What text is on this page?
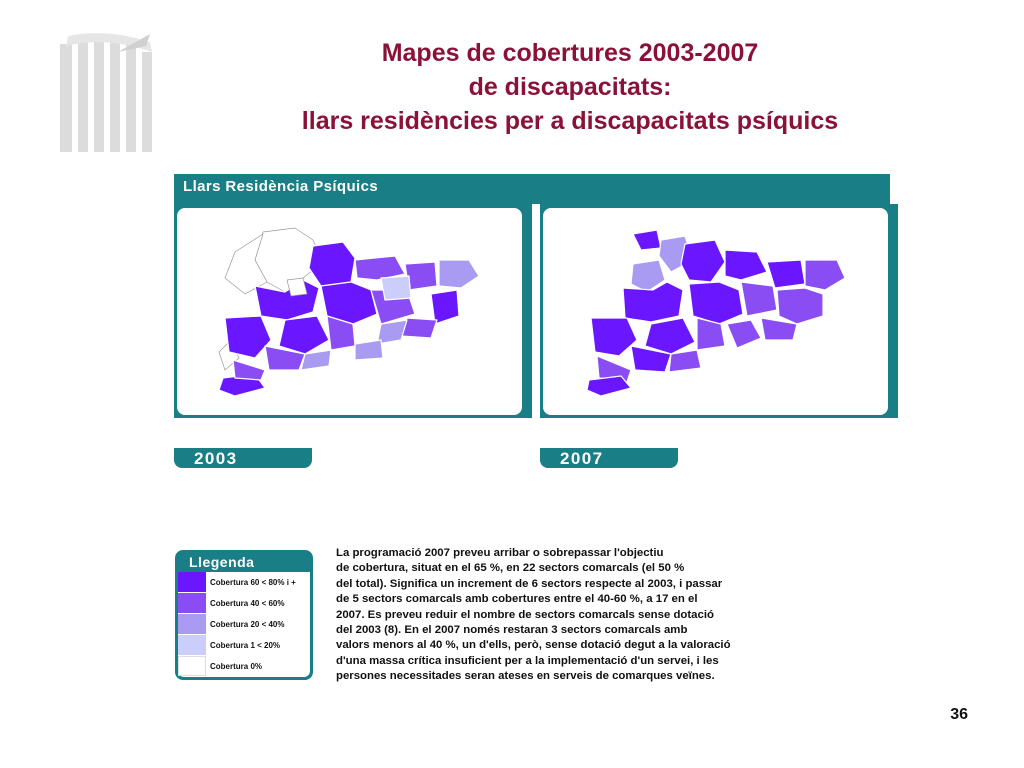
Mapes de cobertures 2003-2007
de discapacitats:
llars residències per a discapacitats psíquics
Llars Residència Psíquics
2003	2007
Llegenda
Cobertura 60 < 80% i +
Cobertura 40 < 60%
Cobertura 20 < 40%
Cobertura 1 < 20%
Cobertura 0%
La programació 2007 preveu arribar o sobrepassar l'objectiu
de cobertura, situat en el 65 %, en 22 sectors comarcals (el 50 %
del total). Significa un increment de 6 sectors respecte al 2003, i passar
de 5 sectors comarcals amb cobertures entre el 40-60 %, a 17 en el
2007. Es preveu reduir el nombre de sectors comarcals sense dotació
del 2003 (8). En el 2007 només restaran 3 sectors comarcals amb
valors menors al 40 %, un d'ells, però, sense dotació degut a la valoració
d'una massa crítica insuficient per a la implementació d'un servei, i les
persones necessitades seran ateses en serveis de comarques veïnes.
36
